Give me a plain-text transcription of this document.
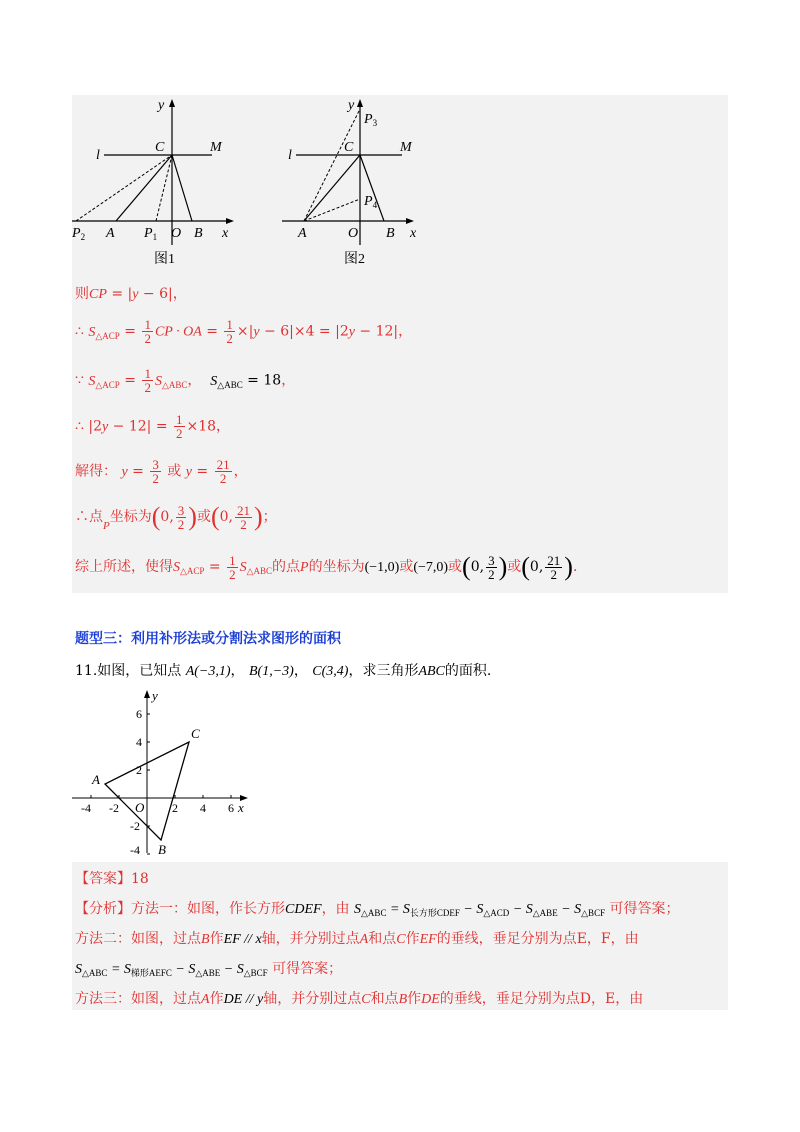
y
l
C	M
$P_2$ A $P_1$ O B x
图1
y
$P_3$
l
C	M
$P_4$
A	O B x
图2
则CP = |y − 6|，
∴ $S_{\triangle ACP} = \frac{1}{2}$ CP · OA = $\frac{1}{2} \times|y - 6|\times 4 = |2y - 12|$，
∵ $S_{\triangle ACP} = \frac{1}{2} S_{\triangle ABC}$，  $S_{\triangle ABC} = 18$，
∴ $|2y - 12| = \frac{1}{2} \times 18$，
解得： $y = \frac{3}{2}$ 或 $y = \frac{21}{2}$ ，
∴点$_P$坐标为(0, $\frac{3}{2}$ )或(0, $\frac{21}{2}$ )；
综上所述，使得$S_{\triangle ACP} = \frac{1}{2} S_{\triangle ABC}$的点P的坐标为(−1,0)或(−7,0)或(0, $\frac{3}{2}$ )或(0, $\frac{21}{2}$ ).
题型三：利用补形法或分割法求图形的面积
11.如图，已知点 A(−3,1)， B(1,−3)， C(3,4)，求三角形ABC的面积.
y
6
4
2
-2
-4
-4 -2	2 4 6 x
O
A
B
C
【答案】18
【分析】方法一：如图，作长方形CDEF，由 $S_{\triangle ABC} = S_{长方形CDEF} - S_{\triangle ACD} - S_{\triangle ABE} - S_{\triangle BCF}$ 可得答案；
方法二：如图，过点B作EF // x轴，并分别过点A和点C作EF的垂线，垂足分别为点E，F，由
$S_{\triangle ABC} = S_{梯形AEFC} - S_{\triangle ABE} - S_{\triangle BCF}$ 可得答案；
方法三：如图，过点A作DE // y轴，并分别过点C和点B作DE的垂线，垂足分别为点D，E，由
